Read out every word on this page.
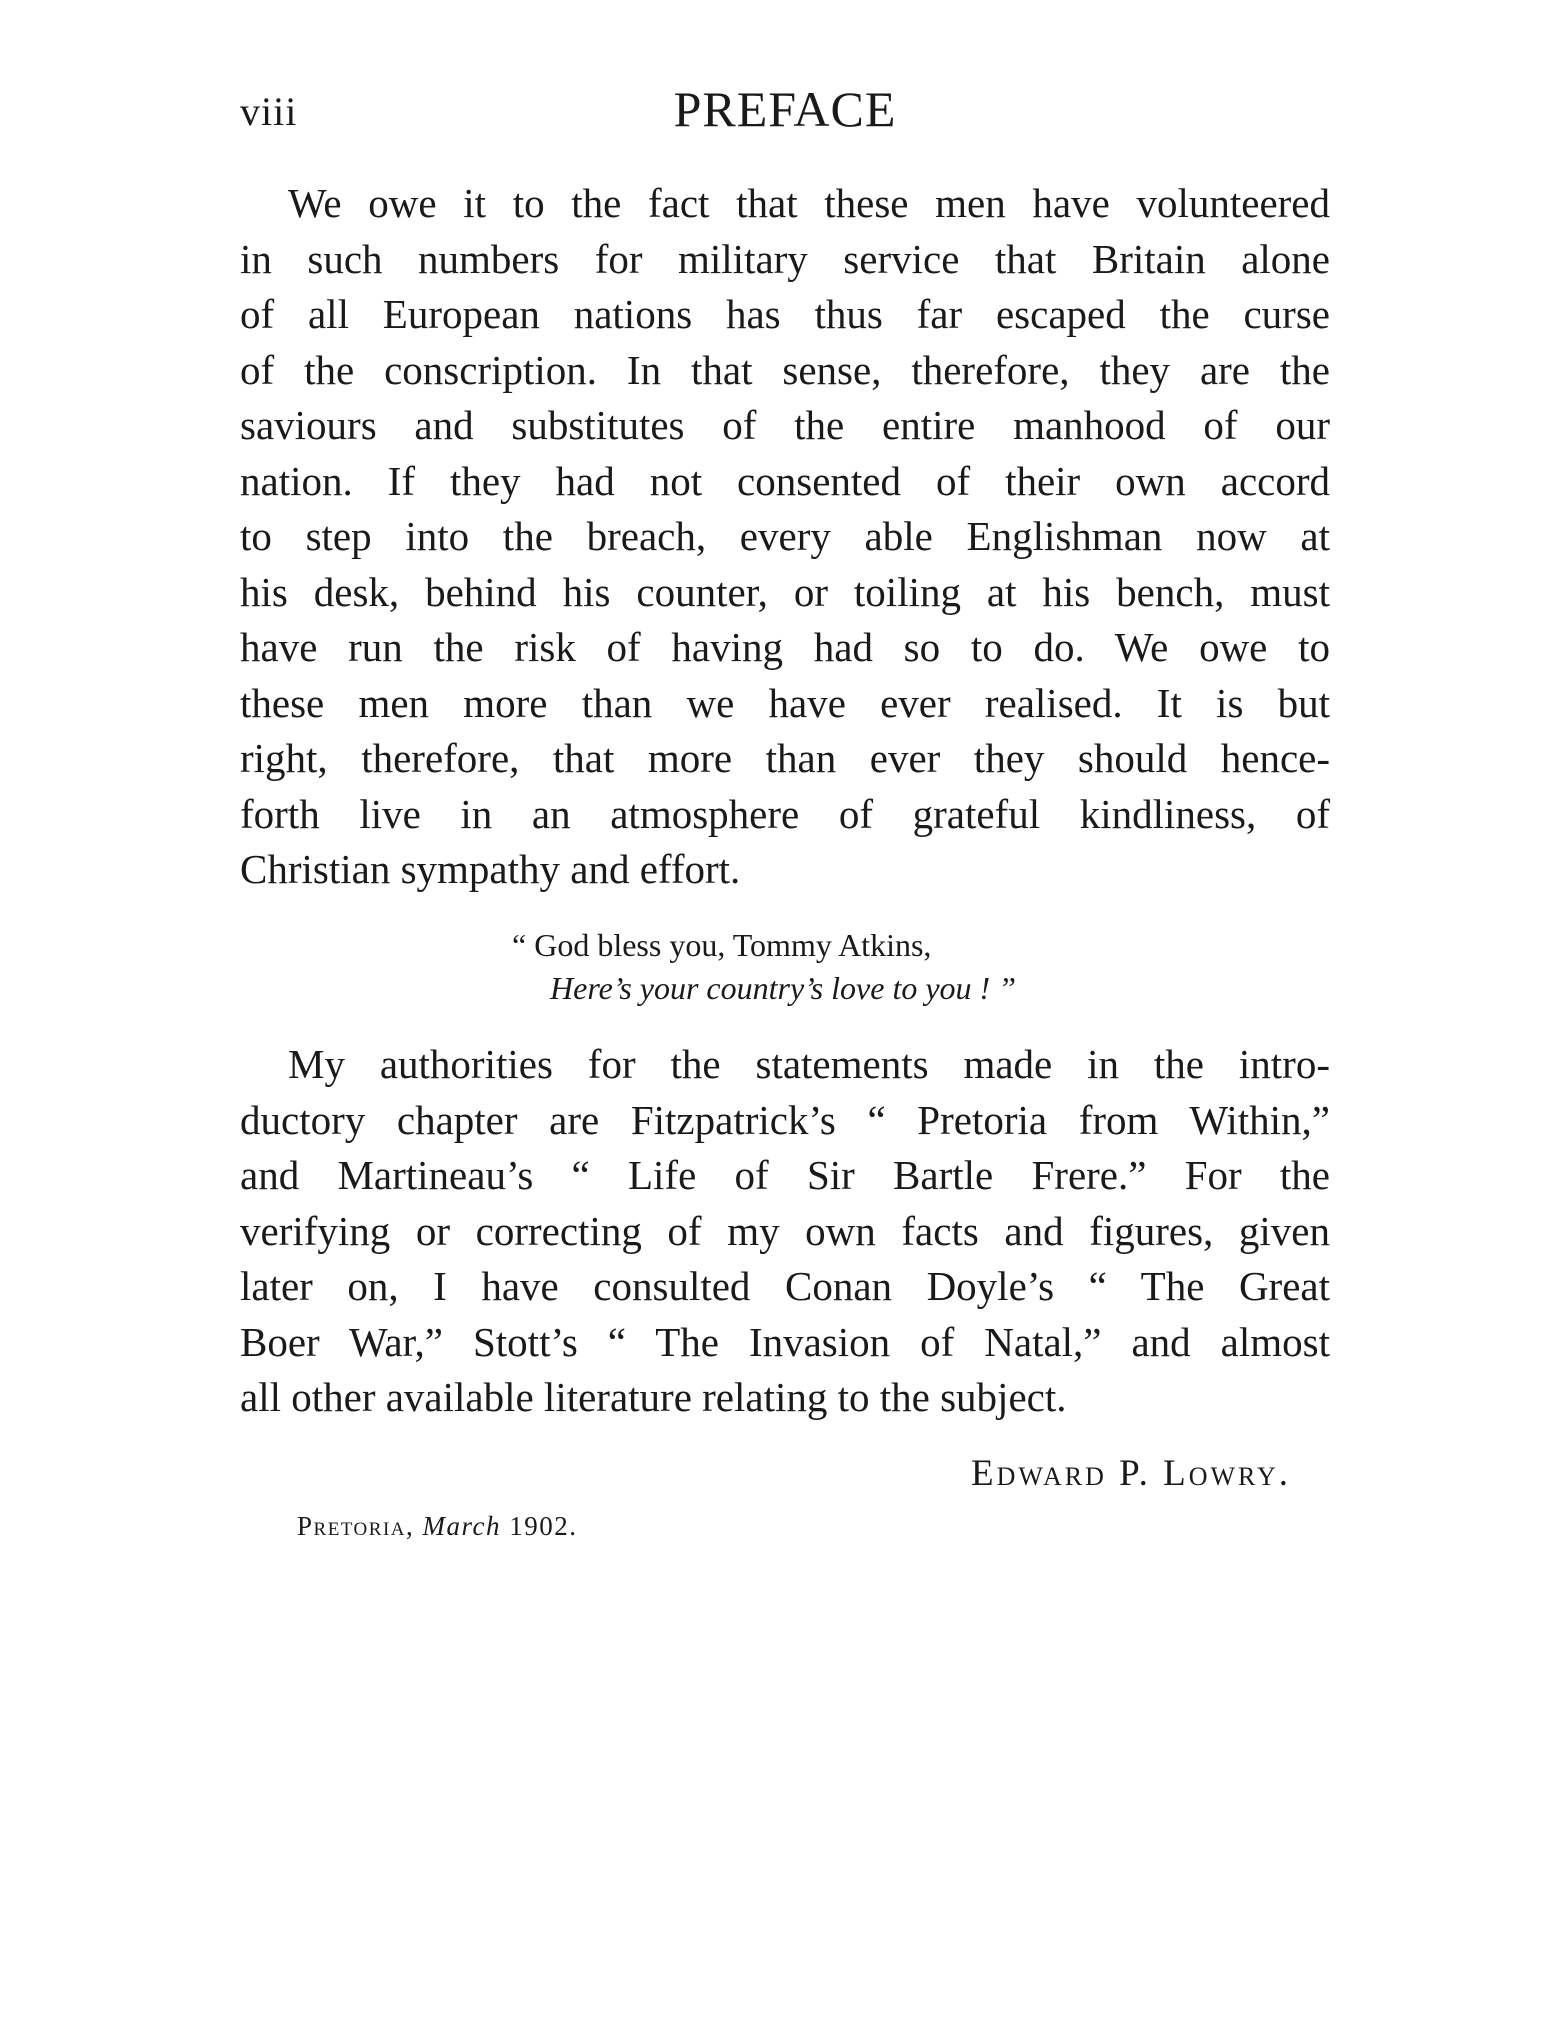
viii	PREFACE
We owe it to the fact that these men have volunteered
in such numbers for military service that Britain alone
of all European nations has thus far escaped the curse
of the conscription. In that sense, therefore, they are the
saviours and substitutes of the entire manhood of our
nation. If they had not consented of their own accord
to step into the breach, every able Englishman now at
his desk, behind his counter, or toiling at his bench, must
have run the risk of having had so to do. We owe to
these men more than we have ever realised. It is but
right, therefore, that more than ever they should hence-
forth live in an atmosphere of grateful kindliness, of
Christian sympathy and effort.
“ God bless you, Tommy Atkins,
Here’s your country’s love to you ! ”
My authorities for the statements made in the intro-
ductory chapter are Fitzpatrick’s “ Pretoria from Within,”
and Martineau’s “ Life of Sir Bartle Frere.” For the
verifying or correcting of my own facts and figures, given
later on, I have consulted Conan Doyle’s “ The Great
Boer War,” Stott’s “ The Invasion of Natal,” and almost
all other available literature relating to the subject.
Edward P. Lowry.
Pretoria, March 1902.
